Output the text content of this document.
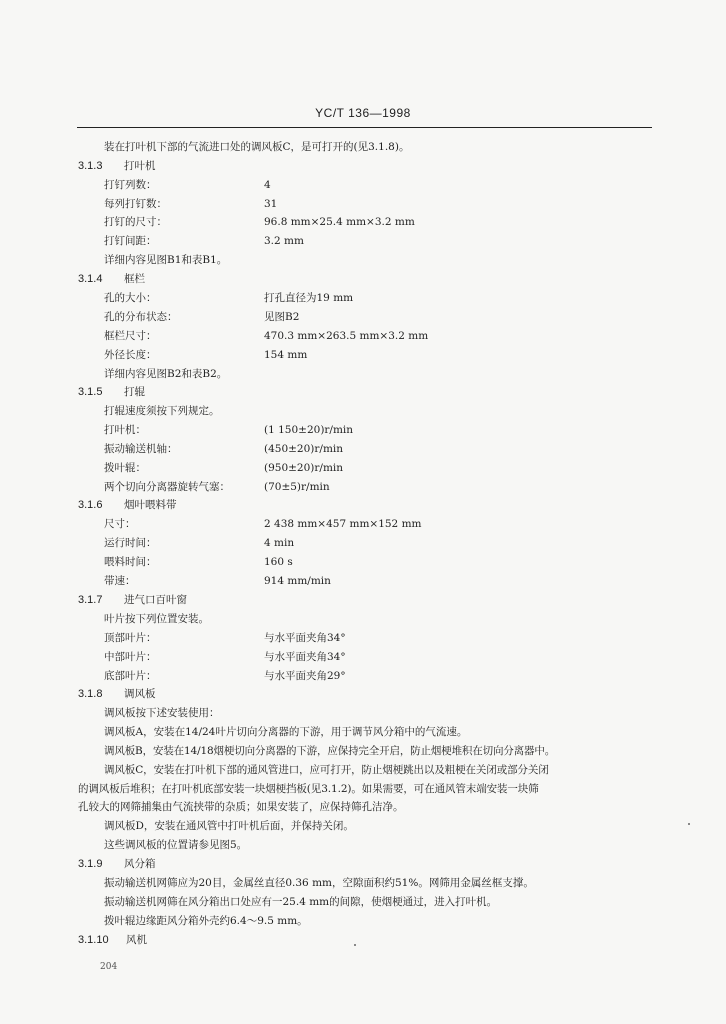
YC/T 136—1998
装在打叶机下部的气流进口处的调风板C，是可打开的(见3.1.8)。
3.1.3 打叶机
打钉列数：	4
每列打钉数：	31
打钉的尺寸：	96.8 mm×25.4 mm×3.2 mm
打钉间距：	3.2 mm
详细内容见图B1和表B1。
3.1.4 框栏
孔的大小：	打孔直径为19 mm
孔的分布状态：	见图B2
框栏尺寸：	470.3 mm×263.5 mm×3.2 mm
外径长度：	154 mm
详细内容见图B2和表B2。
3.1.5 打辊
打辊速度须按下列规定。
打叶机：	(1 150±20)r/min
振动输送机轴：	(450±20)r/min
拨叶辊：	(950±20)r/min
两个切向分离器旋转气塞：	(70±5)r/min
3.1.6 烟叶喂料带
尺寸：	2 438 mm×457 mm×152 mm
运行时间：	4 min
喂料时间：	160 s
带速：	914 mm/min
3.1.7 进气口百叶窗
叶片按下列位置安装。
顶部叶片：	与水平面夹角34°
中部叶片：	与水平面夹角34°
底部叶片：	与水平面夹角29°
3.1.8 调风板
调风板按下述安装使用：
调风板A，安装在14/24叶片切向分离器的下游，用于调节风分箱中的气流速。
调风板B，安装在14/18烟梗切向分离器的下游，应保持完全开启，防止烟梗堆积在切向分离器中。
调风板C，安装在打叶机下部的通风管进口，应可打开，防止烟梗跳出以及粗梗在关闭或部分关闭
的调风板后堆积；在打叶机底部安装一块烟梗挡板(见3.1.2)。如果需要，可在通风管末端安装一块筛
孔较大的网筛捕集由气流挟带的杂质；如果安装了，应保持筛孔洁净。
调风板D，安装在通风管中打叶机后面，并保持关闭。
这些调风板的位置请参见图5。
3.1.9 风分箱
振动输送机网筛应为20目，金属丝直径0.36 mm，空隙面积约51%。网筛用金属丝框支撑。
振动输送机网筛在风分箱出口处应有一25.4 mm的间隙，使烟梗通过，进入打叶机。
拨叶辊边缘距风分箱外壳约6.4～9.5 mm。
3.1.10 风机
204
